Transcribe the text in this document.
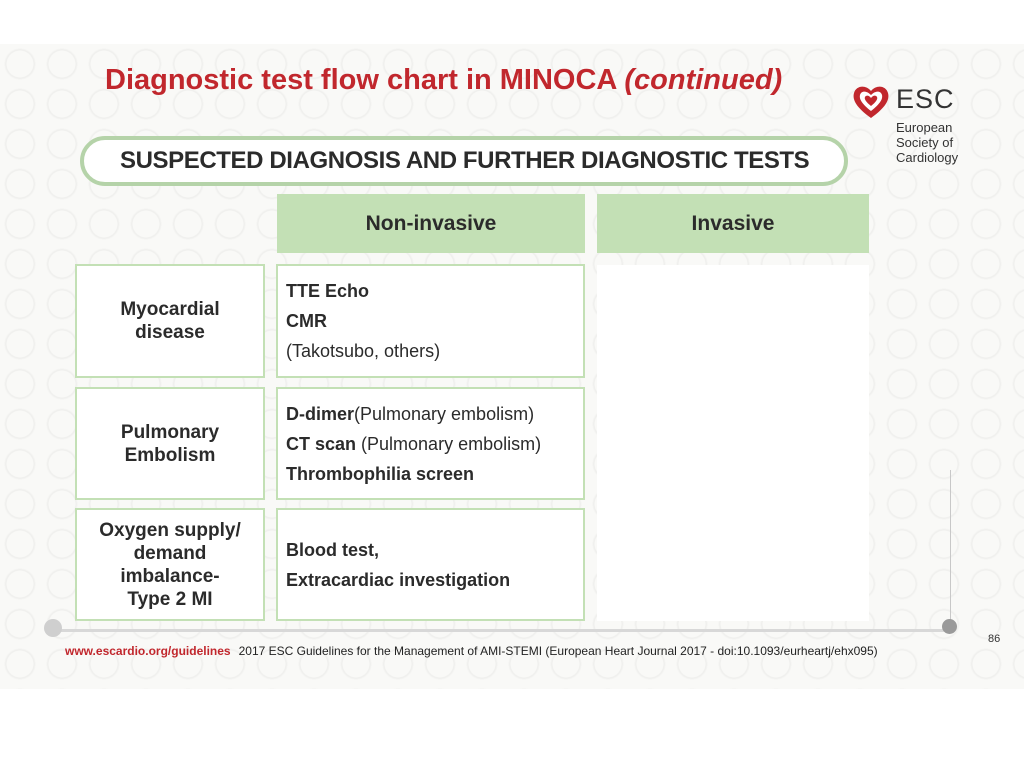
Diagnostic test flow chart in MINOCA (continued)
ESC
European Society of Cardiology
SUSPECTED DIAGNOSIS AND FURTHER DIAGNOSTIC TESTS
Non-invasive	Invasive
Myocardial
disease
TTE Echo
CMR
(Takotsubo, others)
Pulmonary
Embolism
D-dimer(Pulmonary embolism)
CT scan (Pulmonary embolism)
Thrombophilia screen
Oxygen supply/
demand
imbalance-
Type 2 MI
Blood test,
Extracardiac investigation
www.escardio.org/guidelines 2017 ESC Guidelines for the Management of AMI-STEMI (European Heart Journal 2017 - doi:10.1093/eurheartj/ehx095)
86
